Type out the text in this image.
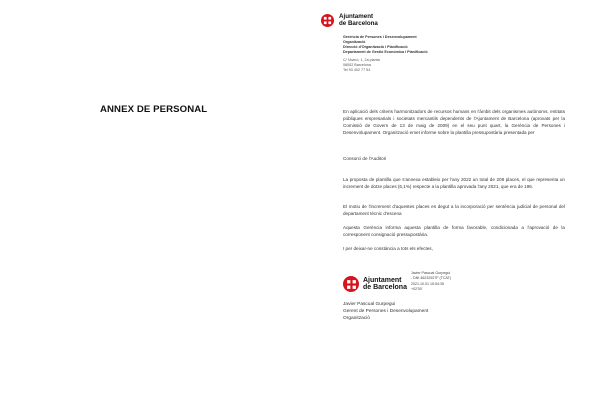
Ajuntament
de Barcelona
Gerència de Persones i Desenvolupament
Organització
Direcció d'Organització i Planificació
Departament de Gestió Econòmica i Planificació
C/ l'Avinó, 1, 2a planta
08002 Barcelona
Tel 93 402 77 54
ANNEX DE PERSONAL	En aplicació dels criteris harmonitzadors de recursos humans en l'àmbit dels organismes autònoms, entitats públiques empresarials i societats mercantils dependents de l'Ajuntament de Barcelona (aprovats per la Comissió de Govern de 13 de maig de 2009) en el seu punt quart, la Gerència de Persones i Desenvolupament. Organització emet informe sobre la plantilla pressupostària presentada per
Consorci de l'Auditori
La proposta de plantilla que s'annexa estableix per l'any 2022 un total de 208 places, el que representa un increment de dotze places (6,1%) respecte a la plantilla aprovada l'any 2021, que era de 196.
El motiu de l'increment d'aquestes places es degut a la incorporació per sentència judicial de personal del departament tècnic d'escena
Aquesta Gerència informa aquesta plantilla de forma favorable, condicionada a l'aprovació de la corresponent consignació pressupostària.
I per deixar-ne constància a tots els efectes,
Ajuntament
de Barcelona
Javier Pascual Gurpegui
- DNI 46232927F (TCAT)
2021.10.01 15:54:35
+02'00'
Javier Pascual Gurpegui
Gerent de Persones i Desenvolupament
Organització
